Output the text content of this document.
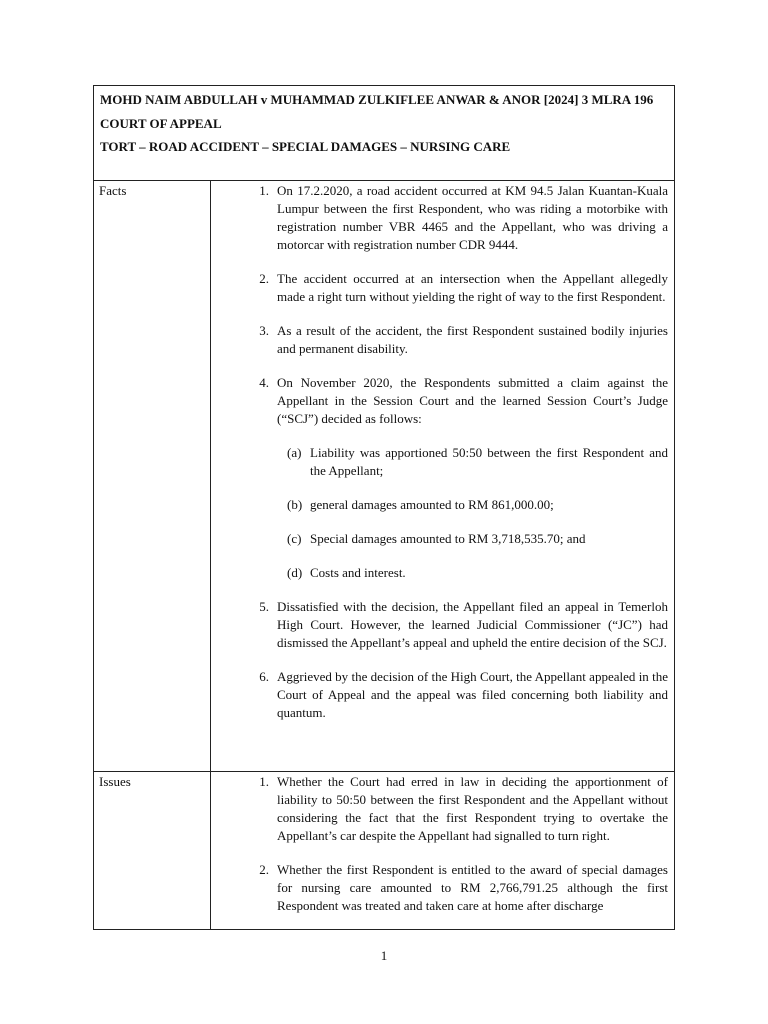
MOHD NAIM ABDULLAH v MUHAMMAD ZULKIFLEE ANWAR & ANOR [2024] 3 MLRA 196
COURT OF APPEAL
TORT – ROAD ACCIDENT – SPECIAL DAMAGES – NURSING CARE
Facts	1. On 17.2.2020, a road accident occurred at KM 94.5 Jalan Kuantan-Kuala Lumpur between the first Respondent, who was riding a motorbike with registration number VBR 4465 and the Appellant, who was driving a motorcar with registration number CDR 9444.
2. The accident occurred at an intersection when the Appellant allegedly made a right turn without yielding the right of way to the first Respondent.
3. As a result of the accident, the first Respondent sustained bodily injuries and permanent disability.
4. On November 2020, the Respondents submitted a claim against the Appellant in the Session Court and the learned Session Court’s Judge (“SCJ”) decided as follows:
(a) Liability was apportioned 50:50 between the first Respondent and the Appellant;
(b) general damages amounted to RM 861,000.00;
(c) Special damages amounted to RM 3,718,535.70; and
(d) Costs and interest.
5. Dissatisfied with the decision, the Appellant filed an appeal in Temerloh High Court. However, the learned Judicial Commissioner (“JC”) had dismissed the Appellant’s appeal and upheld the entire decision of the SCJ.
6. Aggrieved by the decision of the High Court, the Appellant appealed in the Court of Appeal and the appeal was filed concerning both liability and quantum.
Issues	1. Whether the Court had erred in law in deciding the apportionment of liability to 50:50 between the first Respondent and the Appellant without considering the fact that the first Respondent trying to overtake the Appellant’s car despite the Appellant had signalled to turn right.
2. Whether the first Respondent is entitled to the award of special damages for nursing care amounted to RM 2,766,791.25 although the first Respondent was treated and taken care at home after discharge
1
